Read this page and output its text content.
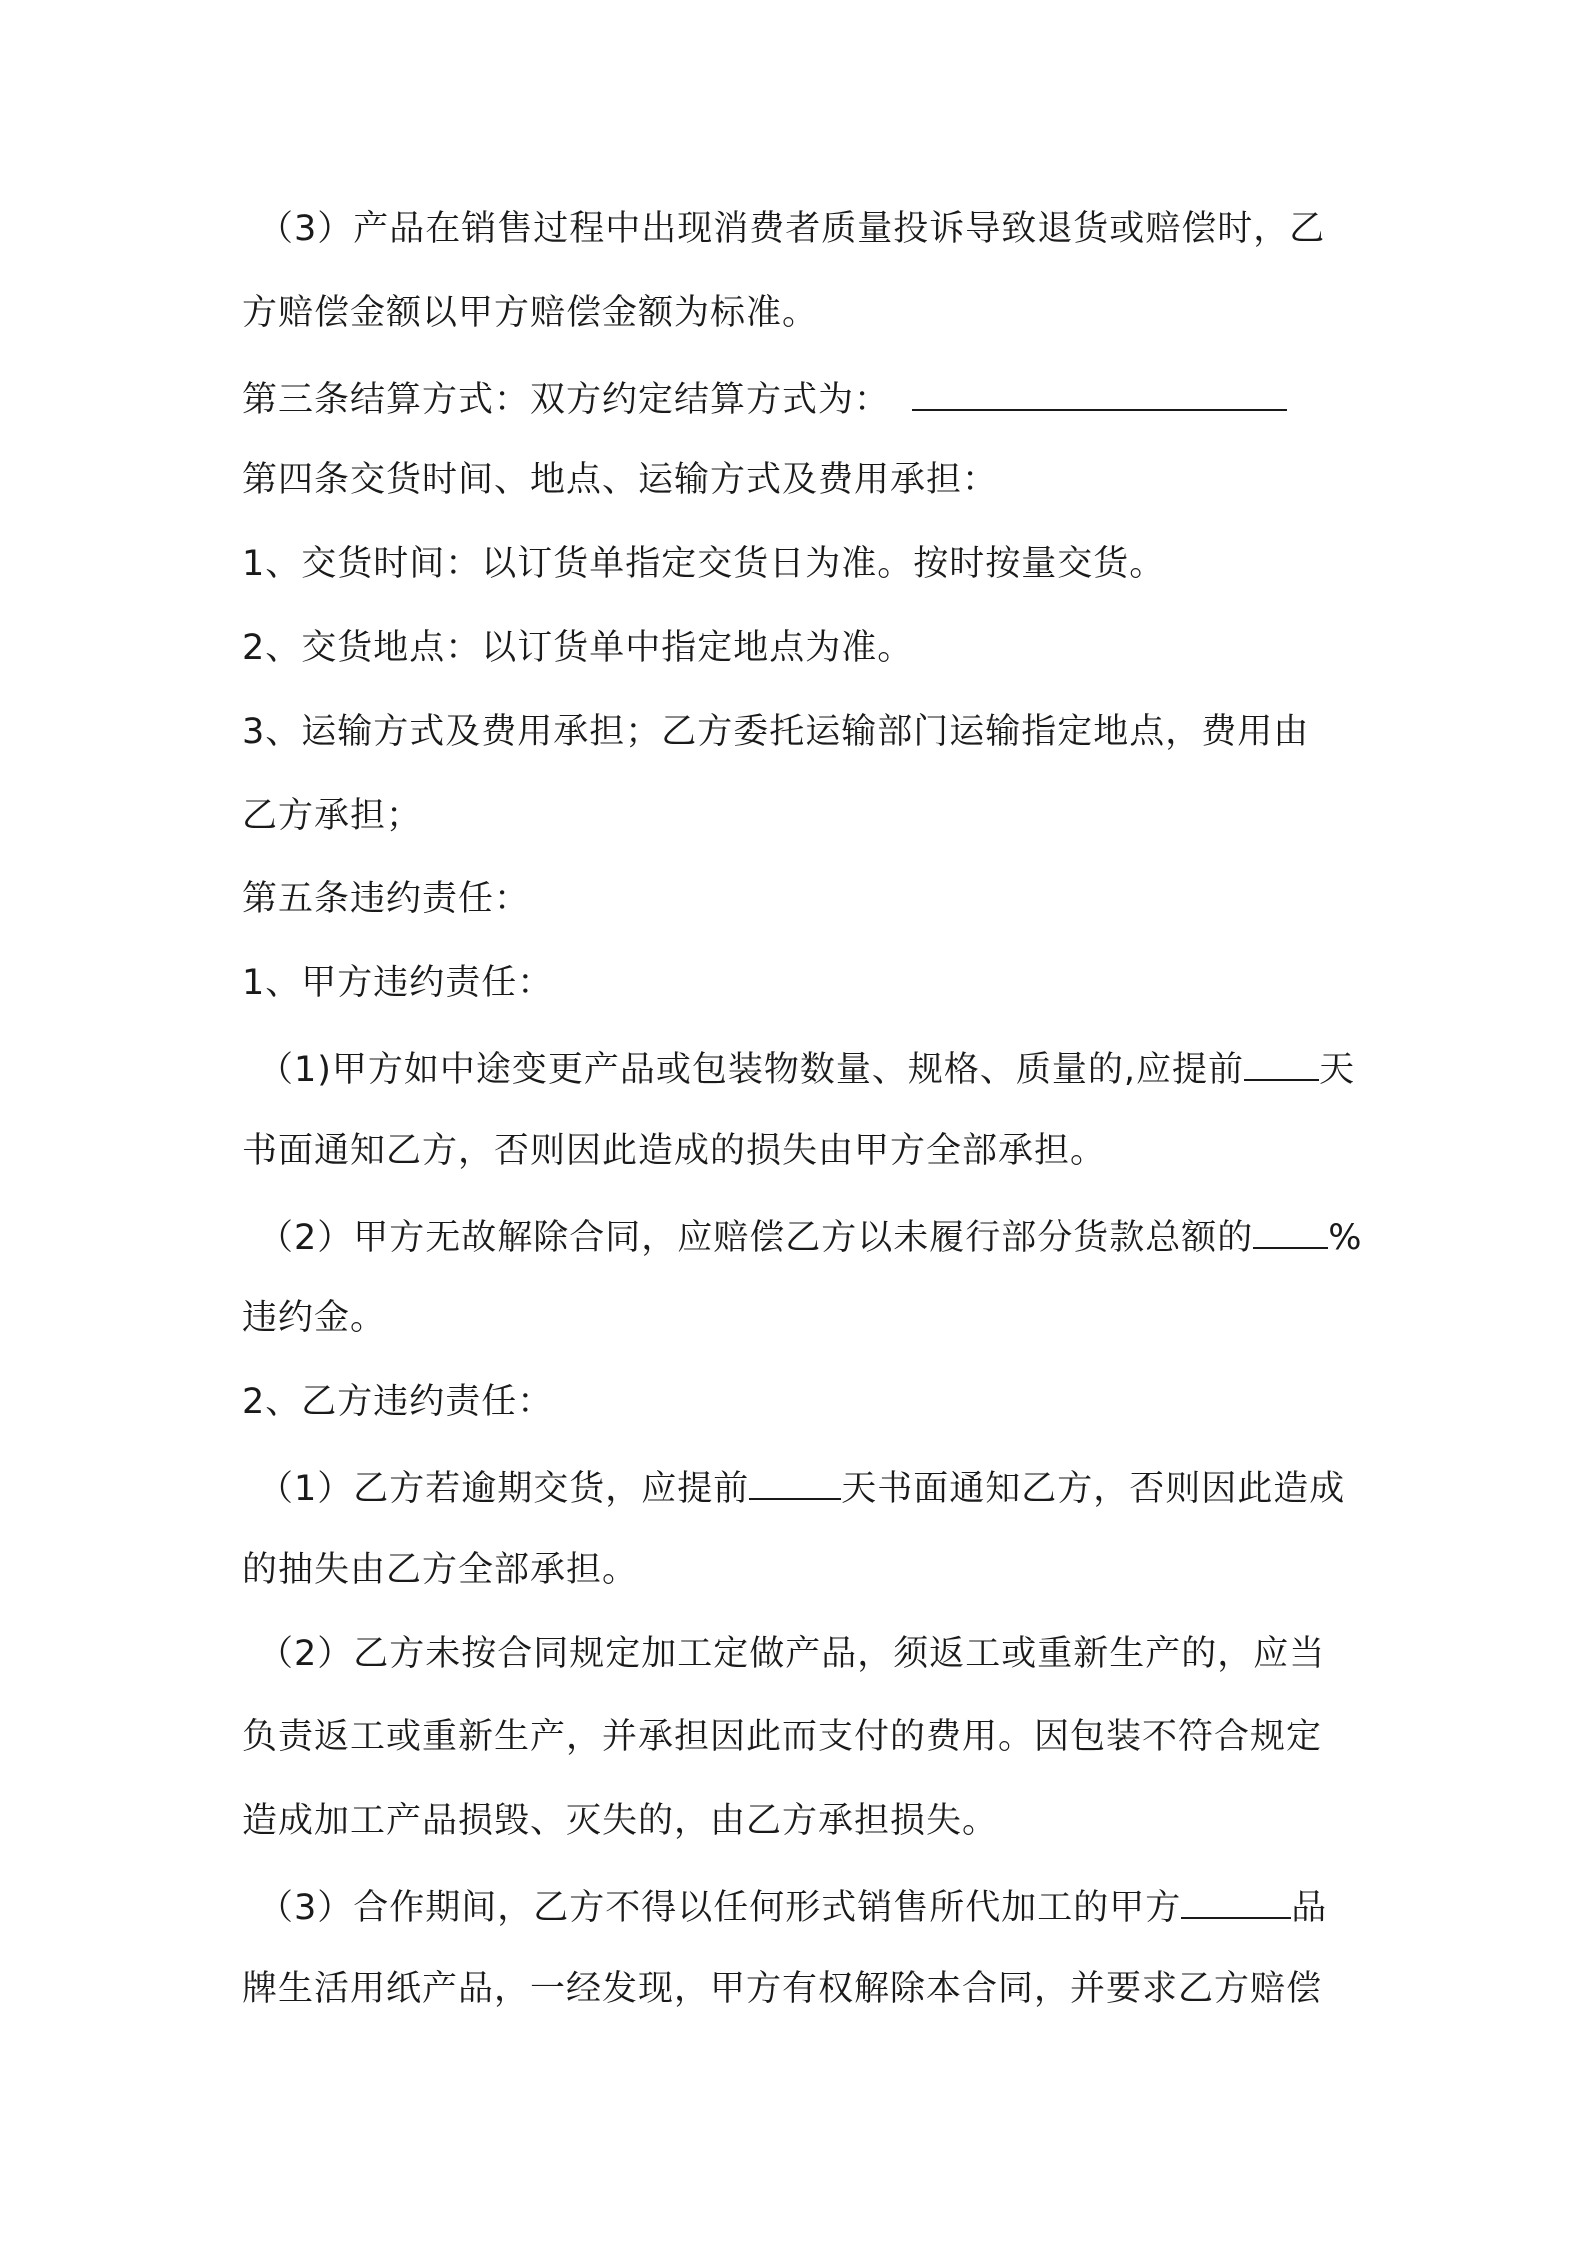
（3）产品在销售过程中出现消费者质量投诉导致退货或赔偿时，乙
方赔偿金额以甲方赔偿金额为标准。
第三条结算方式：双方约定结算方式为：
第四条交货时间、地点、运输方式及费用承担：
1、交货时间：以订货单指定交货日为准。按时按量交货。
2、交货地点：以订货单中指定地点为准。
3、运输方式及费用承担；乙方委托运输部门运输指定地点，费用由
乙方承担；
第五条违约责任：
1、甲方违约责任：
（1)甲方如中途变更产品或包装物数量、规格、质量的,应提前 天
书面通知乙方，否则因此造成的损失由甲方全部承担。
（2）甲方无故解除合同，应赔偿乙方以未履行部分货款总额的 %
违约金。
2、乙方违约责任：
（1）乙方若逾期交货，应提前	天书面通知乙方，否则因此造成
的抽失由乙方全部承担。
（2）乙方未按合同规定加工定做产品，须返工或重新生产的，应当
负责返工或重新生产，并承担因此而支付的费用。因包装不符合规定
造成加工产品损毁、灭失的，由乙方承担损失。
（3）合作期间，乙方不得以任何形式销售所代加工的甲方	品
牌生活用纸产品，一经发现，甲方有权解除本合同，并要求乙方赔偿
